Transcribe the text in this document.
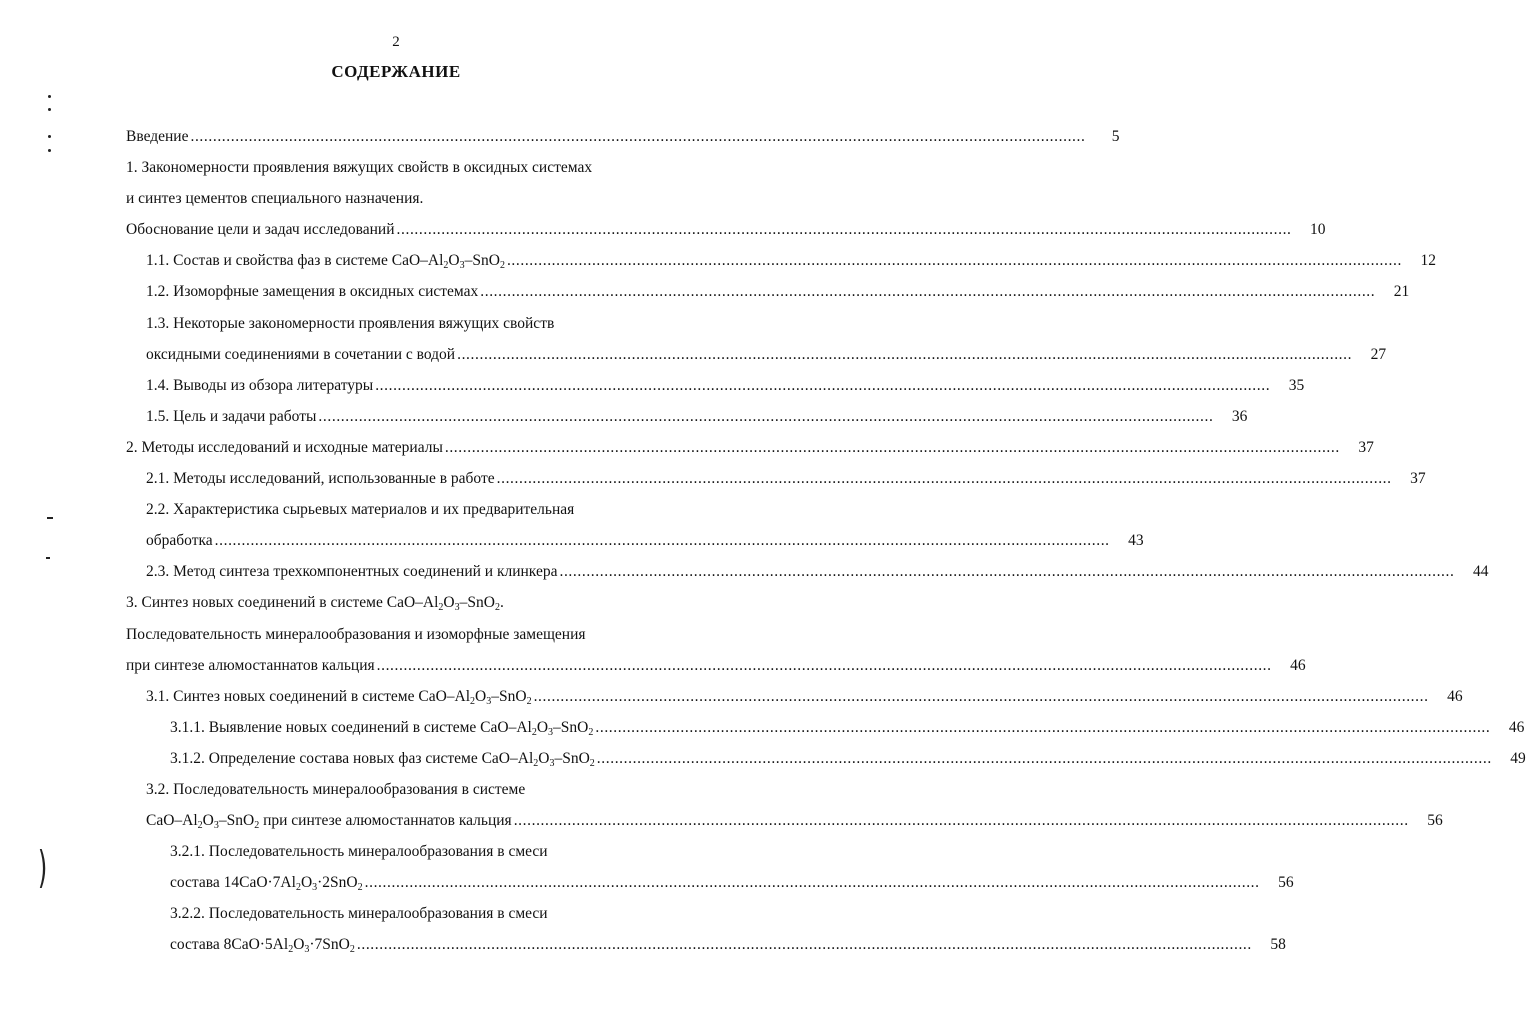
2
СОДЕРЖАНИЕ
Введение ........................................................................................................................................................................................................	5
1. Закономерности проявления вяжущих свойств в оксидных системах
и синтез цементов специального назначения.
Обоснование цели и задач исследований ........................................................................................................................................................................................................	10
1.1. Состав и свойства фаз в системе CaO–$Al_2O_3-SnO_2$ ........................................................................................................................................................................................................	12
1.2. Изоморфные замещения в оксидных системах ........................................................................................................................................................................................................	21
1.3. Некоторые закономерности проявления вяжущих свойств
оксидными соединениями в сочетании с водой ........................................................................................................................................................................................................	27
1.4. Выводы из обзора литературы ........................................................................................................................................................................................................	35
1.5. Цель и задачи работы ........................................................................................................................................................................................................	36
2. Методы исследований и исходные материалы ........................................................................................................................................................................................................	37
2.1. Методы исследований, использованные в работе ........................................................................................................................................................................................................	37
2.2. Характеристика сырьевых материалов и их предварительная
обработка ........................................................................................................................................................................................................	43
2.3. Метод синтеза трехкомпонентных соединений и клинкера ........................................................................................................................................................................................................	44
3. Синтез новых соединений в системе CaO–$Al_2O_3-SnO_2$.
Последовательность минералообразования и изоморфные замещения
при синтезе алюмостаннатов кальция ........................................................................................................................................................................................................	46
3.1. Синтез новых соединений в системе CaO–$Al_2O_3-SnO_2$ ........................................................................................................................................................................................................	46
3.1.1. Выявление новых соединений в системе CaO–$Al_2O_3-SnO_2$ ........................................................................................................................................................................................................	46
3.1.2. Определение состава новых фаз системе CaO–$Al_2O_3-SnO_2$ ........................................................................................................................................................................................................	49
3.2. Последовательность минералообразования в системе
CaO–$Al_2O_3-SnO_2$ при синтезе алюмостаннатов кальция ........................................................................................................................................................................................................	56
3.2.1. Последовательность минералообразования в смеси
состава $14CaO\cdot 7Al_2O_3\cdot 2SnO_2$ ........................................................................................................................................................................................................	56
3.2.2. Последовательность минералообразования в смеси
состава $8CaO\cdot 5Al_2O_3\cdot 7SnO_2$ ........................................................................................................................................................................................................	58
)
